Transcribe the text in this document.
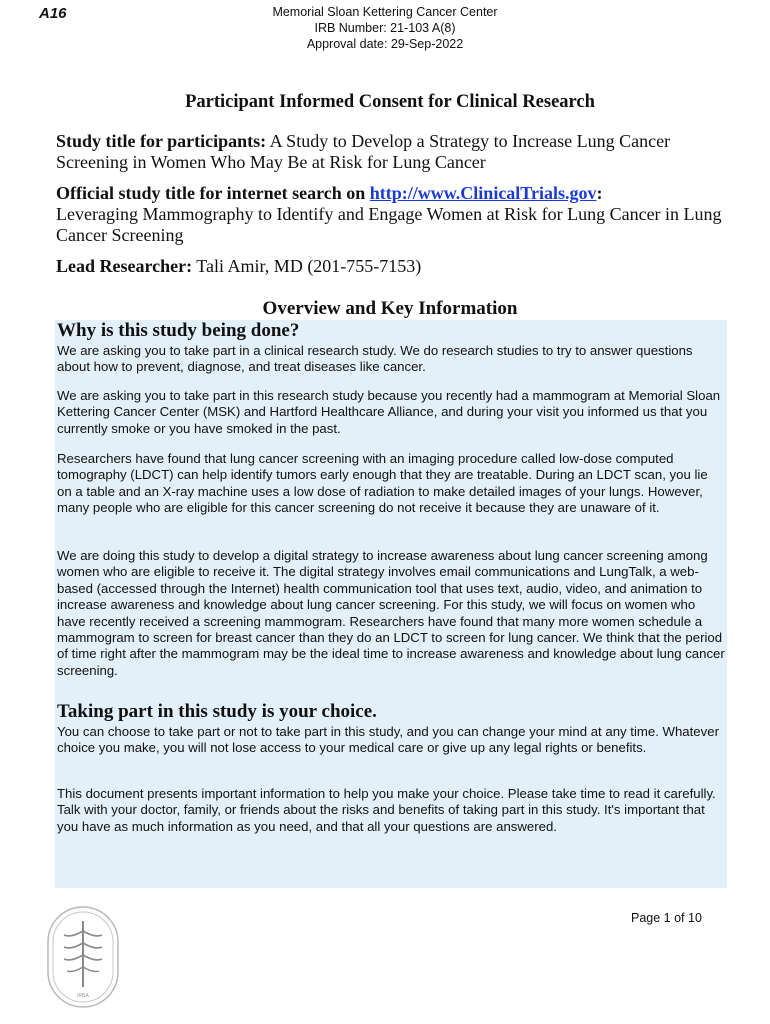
A16	Memorial Sloan Kettering Cancer Center
IRB Number: 21-103 A(8)
Approval date: 29-Sep-2022
Participant Informed Consent for Clinical Research
Study title for participants: A Study to Develop a Strategy to Increase Lung Cancer Screening in Women Who May Be at Risk for Lung Cancer
Official study title for internet search on http://www.ClinicalTrials.gov:
Leveraging Mammography to Identify and Engage Women at Risk for Lung Cancer in Lung Cancer Screening
Lead Researcher: Tali Amir, MD (201-755-7153)
Overview and Key Information
Why is this study being done?
We are asking you to take part in a clinical research study. We do research studies to try to answer questions about how to prevent, diagnose, and treat diseases like cancer.
We are asking you to take part in this research study because you recently had a mammogram at Memorial Sloan Kettering Cancer Center (MSK) and Hartford Healthcare Alliance, and during your visit you informed us that you currently smoke or you have smoked in the past.
Researchers have found that lung cancer screening with an imaging procedure called low-dose computed tomography (LDCT) can help identify tumors early enough that they are treatable. During an LDCT scan, you lie on a table and an X-ray machine uses a low dose of radiation to make detailed images of your lungs. However, many people who are eligible for this cancer screening do not receive it because they are unaware of it.
We are doing this study to develop a digital strategy to increase awareness about lung cancer screening among women who are eligible to receive it. The digital strategy involves email communications and LungTalk, a web-based (accessed through the Internet) health communication tool that uses text, audio, video, and animation to increase awareness and knowledge about lung cancer screening. For this study, we will focus on women who have recently received a screening mammogram. Researchers have found that many more women schedule a mammogram to screen for breast cancer than they do an LDCT to screen for lung cancer. We think that the period of time right after the mammogram may be the ideal time to increase awareness and knowledge about lung cancer screening.
Taking part in this study is your choice.
You can choose to take part or not to take part in this study, and you can change your mind at any time. Whatever choice you make, you will not lose access to your medical care or give up any legal rights or benefits.
This document presents important information to help you make your choice. Please take time to read it carefully. Talk with your doctor, family, or friends about the risks and benefits of taking part in this study. It's important that you have as much information as you need, and that all your questions are answered.
Page 1 of 10
IRBA
